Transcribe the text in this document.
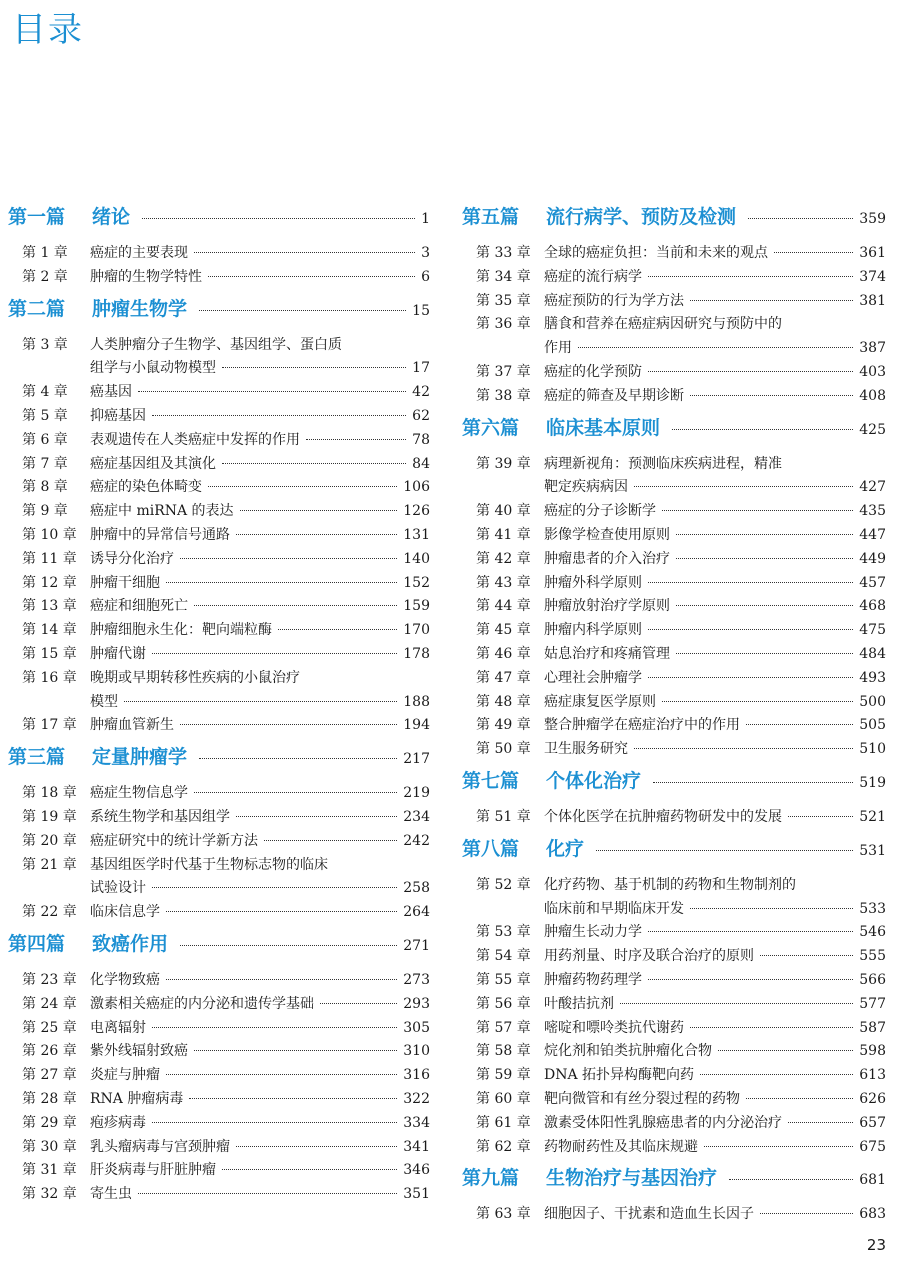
目录
第一篇	绪论	1
第 1 章	癌症的主要表现	3
第 2 章	肿瘤的生物学特性	6
第二篇	肿瘤生物学	15
第 3 章	人类肿瘤分子生物学、基因组学、蛋白质
组学与小鼠动物模型	17
第 4 章	癌基因	42
第 5 章	抑癌基因	62
第 6 章	表观遗传在人类癌症中发挥的作用	78
第 7 章	癌症基因组及其演化	84
第 8 章	癌症的染色体畸变	106
第 9 章	癌症中 miRNA 的表达	126
第 10 章 肿瘤中的异常信号通路	131
第 11 章 诱导分化治疗	140
第 12 章 肿瘤干细胞	152
第 13 章 癌症和细胞死亡	159
第 14 章 肿瘤细胞永生化：靶向端粒酶	170
第 15 章 肿瘤代谢	178
第 16 章 晚期或早期转移性疾病的小鼠治疗
模型	188
第 17 章 肿瘤血管新生	194
第三篇	定量肿瘤学	217
第 18 章 癌症生物信息学	219
第 19 章 系统生物学和基因组学	234
第 20 章 癌症研究中的统计学新方法	242
第 21 章 基因组医学时代基于生物标志物的临床
试验设计	258
第 22 章 临床信息学	264
第四篇	致癌作用	271
第 23 章 化学物致癌	273
第 24 章 激素相关癌症的内分泌和遗传学基础	293
第 25 章 电离辐射	305
第 26 章 紫外线辐射致癌	310
第 27 章 炎症与肿瘤	316
第 28 章 RNA 肿瘤病毒	322
第 29 章 疱疹病毒	334
第 30 章 乳头瘤病毒与宫颈肿瘤	341
第 31 章 肝炎病毒与肝脏肿瘤	346
第 32 章 寄生虫	351
第五篇	流行病学、预防及检测	359
第 33 章 全球的癌症负担：当前和未来的观点	361
第 34 章 癌症的流行病学	374
第 35 章 癌症预防的行为学方法	381
第 36 章 膳食和营养在癌症病因研究与预防中的
作用	387
第 37 章 癌症的化学预防	403
第 38 章 癌症的筛查及早期诊断	408
第六篇	临床基本原则	425
第 39 章 病理新视角：预测临床疾病进程，精准
靶定疾病病因	427
第 40 章 癌症的分子诊断学	435
第 41 章 影像学检查使用原则	447
第 42 章 肿瘤患者的介入治疗	449
第 43 章 肿瘤外科学原则	457
第 44 章 肿瘤放射治疗学原则	468
第 45 章 肿瘤内科学原则	475
第 46 章 姑息治疗和疼痛管理	484
第 47 章 心理社会肿瘤学	493
第 48 章 癌症康复医学原则	500
第 49 章 整合肿瘤学在癌症治疗中的作用	505
第 50 章 卫生服务研究	510
第七篇	个体化治疗	519
第 51 章 个体化医学在抗肿瘤药物研发中的发展	521
第八篇	化疗	531
第 52 章 化疗药物、基于机制的药物和生物制剂的
临床前和早期临床开发	533
第 53 章 肿瘤生长动力学	546
第 54 章 用药剂量、时序及联合治疗的原则	555
第 55 章 肿瘤药物药理学	566
第 56 章 叶酸拮抗剂	577
第 57 章 嘧啶和嘌呤类抗代谢药	587
第 58 章 烷化剂和铂类抗肿瘤化合物	598
第 59 章 DNA 拓扑异构酶靶向药	613
第 60 章 靶向微管和有丝分裂过程的药物	626
第 61 章 激素受体阳性乳腺癌患者的内分泌治疗	657
第 62 章 药物耐药性及其临床规避	675
第九篇	生物治疗与基因治疗	681
第 63 章 细胞因子、干扰素和造血生长因子	683

23
